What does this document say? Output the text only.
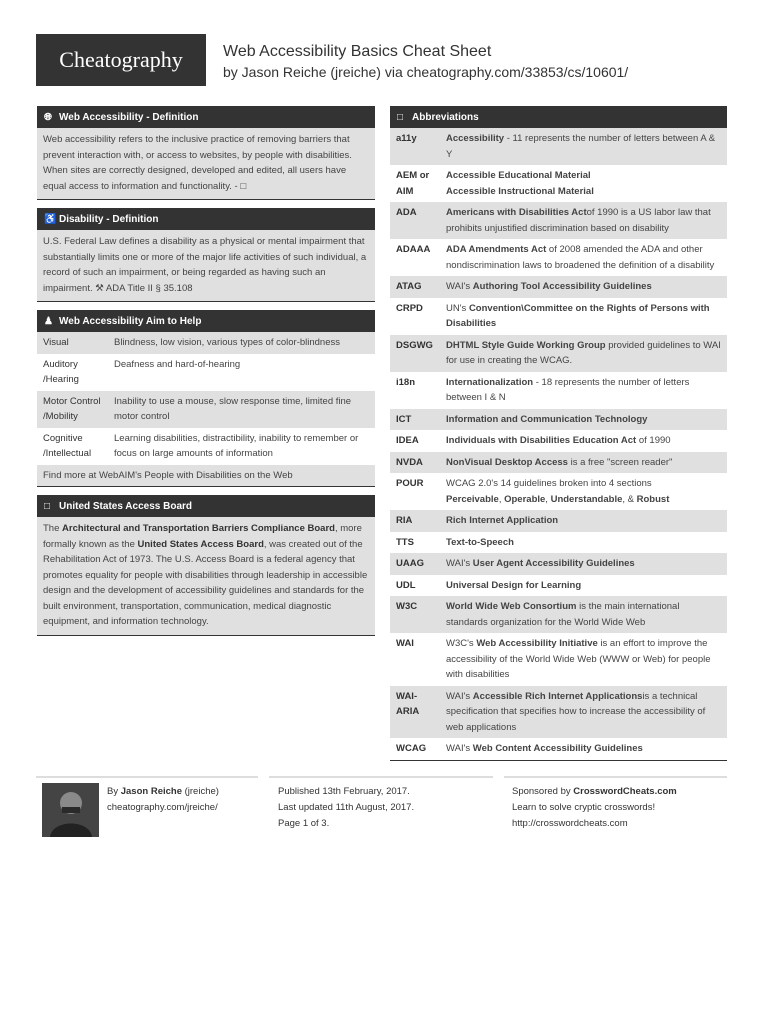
Cheatography	Web Accessibility Basics Cheat Sheet
by Jason Reiche (jreiche) via cheatography.com/33853/cs/10601/
🌐︎ Web Accessibility - Definition
Web accessibility refers to the inclusive practice of removing barriers that prevent interaction with, or access to websites, by people with disabilities. When sites are correctly designed, developed and edited, all users have equal access to information and functionality. - □
♿ Disability - Definition
U.S. Federal Law defines a disability as a physical or mental impairment that substantially limits one or more of the major life activities of such individual, a record of such an impairment, or being regarded as having such an impairment. ⚒ ADA Title II § 35.108
♟ Web Accessibility Aim to Help
Visual	Blindness, low vision, various types of color-blindness
Auditory /Hearing	Deafness and hard-of-hearing
Motor Control /Mobility	Inability to use a mouse, slow response time, limited fine motor control
Cognitive /Intellectual	Learning disabilities, distractibility, inability to remember or focus on large amounts of information
Find more at WebAIM's People with Disabilities on the Web	
□ United States Access Board
The Architectural and Transportation Barriers Compliance Board, more formally known as the United States Access Board, was created out of the Rehabilitation Act of 1973. The U.S. Access Board is a federal agency that promotes equality for people with disabilities through leadership in accessible design and the development of accessibility guidelines and standards for the built environment, transportation, communication, medical diagnostic equipment, and information technology.
□ Abbreviations
a11y	Accessibility - 11 represents the number of letters between A & Y
AEM or AIM	Accessible Educational Material
Accessible Instructional Material
ADA	Americans with Disabilities Actof 1990 is a US labor law that prohibits unjustified discrimination based on disability
ADAAA	ADA Amendments Act of 2008 amended the ADA and other nondiscrimination laws to broadened the definition of a disability
ATAG	WAI's Authoring Tool Accessibility Guidelines
CRPD	UN's Convention\Committee on the Rights of Persons with Disabilities
DSGWG	DHTML Style Guide Working Group provided guidelines to WAI for use in creating the WCAG.
i18n	Internationalization - 18 represents the number of letters between I & N
ICT	Information and Communication Technology
IDEA	Individuals with Disabilities Education Act of 1990
NVDA	NonVisual Desktop Access is a free "screen reader"
POUR	WCAG 2.0's 14 guidelines broken into 4 sections
Perceivable, Operable, Understandable, & Robust
RIA	Rich Internet Application
TTS	Text-to-Speech
UAAG	WAI's User Agent Accessibility Guidelines
UDL	Universal Design for Learning
W3C	World Wide Web Consortium is the main international standards organization for the World Wide Web
WAI	W3C's Web Accessibility Initiative is an effort to improve the accessibility of the World Wide Web (WWW or Web) for people with disabilities
WAI-ARIA	WAI's Accessible Rich Internet Applicationsis a technical specification that specifies how to increase the accessibility of web applications
WCAG	WAI's Web Content Accessibility Guidelines
By Jason Reiche (jreiche)
cheatography.com/jreiche/
Published 13th February, 2017.
Last updated 11th August, 2017.
Page 1 of 3.
Sponsored by CrosswordCheats.com
Learn to solve cryptic crosswords!
http://crosswordcheats.com
